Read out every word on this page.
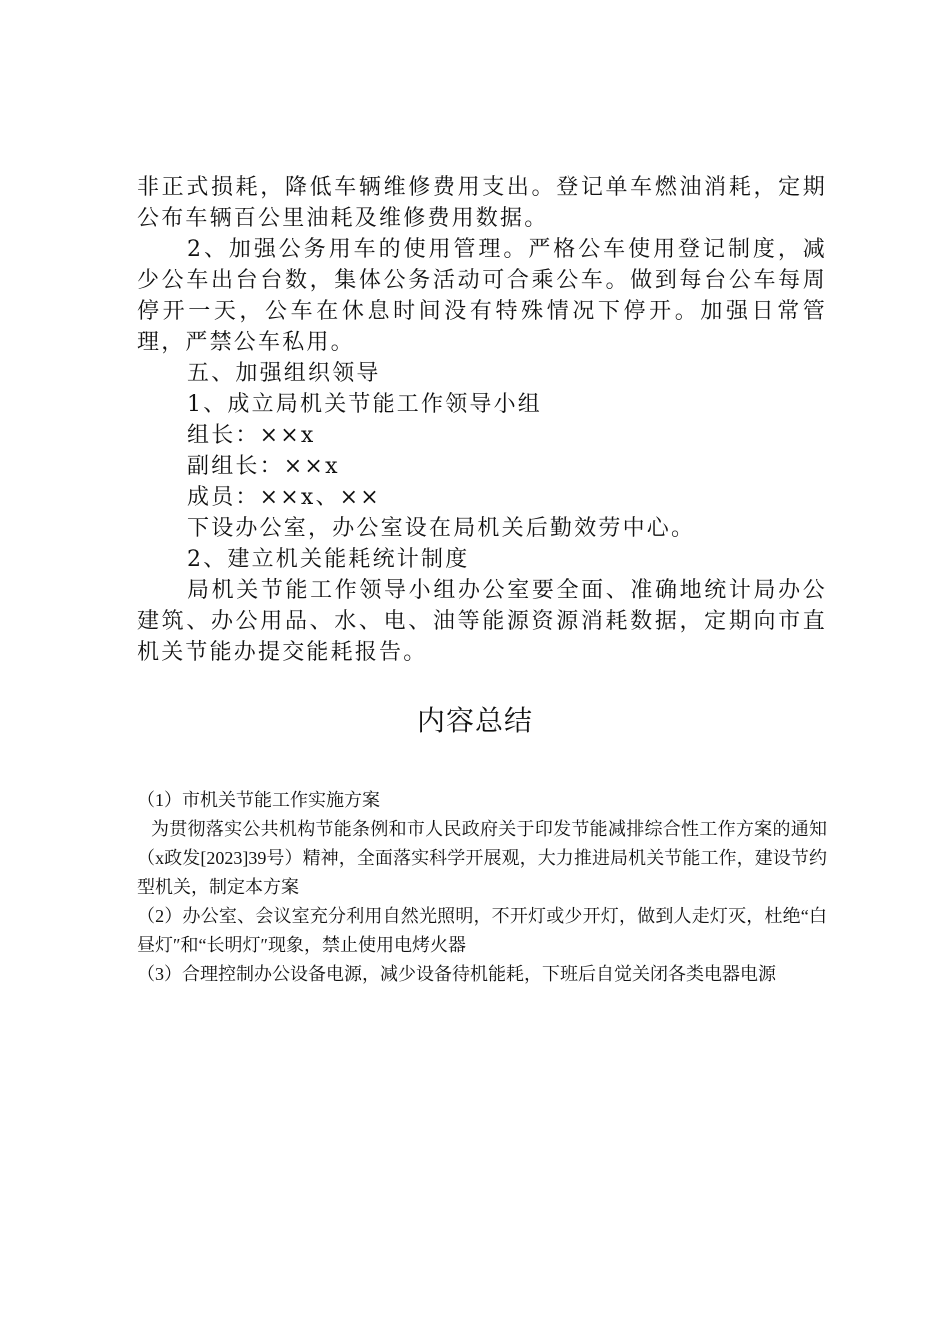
非正式损耗，降低车辆维修费用支出。登记单车燃油消耗，定期公布车辆百公里油耗及维修费用数据。

2、加强公务用车的使用管理。严格公车使用登记制度，减少公车出台台数，集体公务活动可合乘公车。做到每台公车每周停开一天，公车在休息时间没有特殊情况下停开。加强日常管理，严禁公车私用。

五、加强组织领导

1、成立局机关节能工作领导小组

组长：××x

副组长：××x

成员：××x、××

下设办公室，办公室设在局机关后勤效劳中心。

2、建立机关能耗统计制度

局机关节能工作领导小组办公室要全面、准确地统计局办公建筑、办公用品、水、电、油等能源资源消耗数据，定期向市直机关节能办提交能耗报告。

内容总结

（1）市机关节能工作实施方案

为贯彻落实公共机构节能条例和市人民政府关于印发节能减排综合性工作方案的通知（x政发[2023]39号）精神，全面落实科学开展观，大力推进局机关节能工作，建设节约型机关，制定本方案

（2）办公室、会议室充分利用自然光照明，不开灯或少开灯，做到人走灯灭，杜绝“白昼灯″和“长明灯″现象，禁止使用电烤火器

（3）合理控制办公设备电源，减少设备待机能耗，下班后自觉关闭各类电器电源
